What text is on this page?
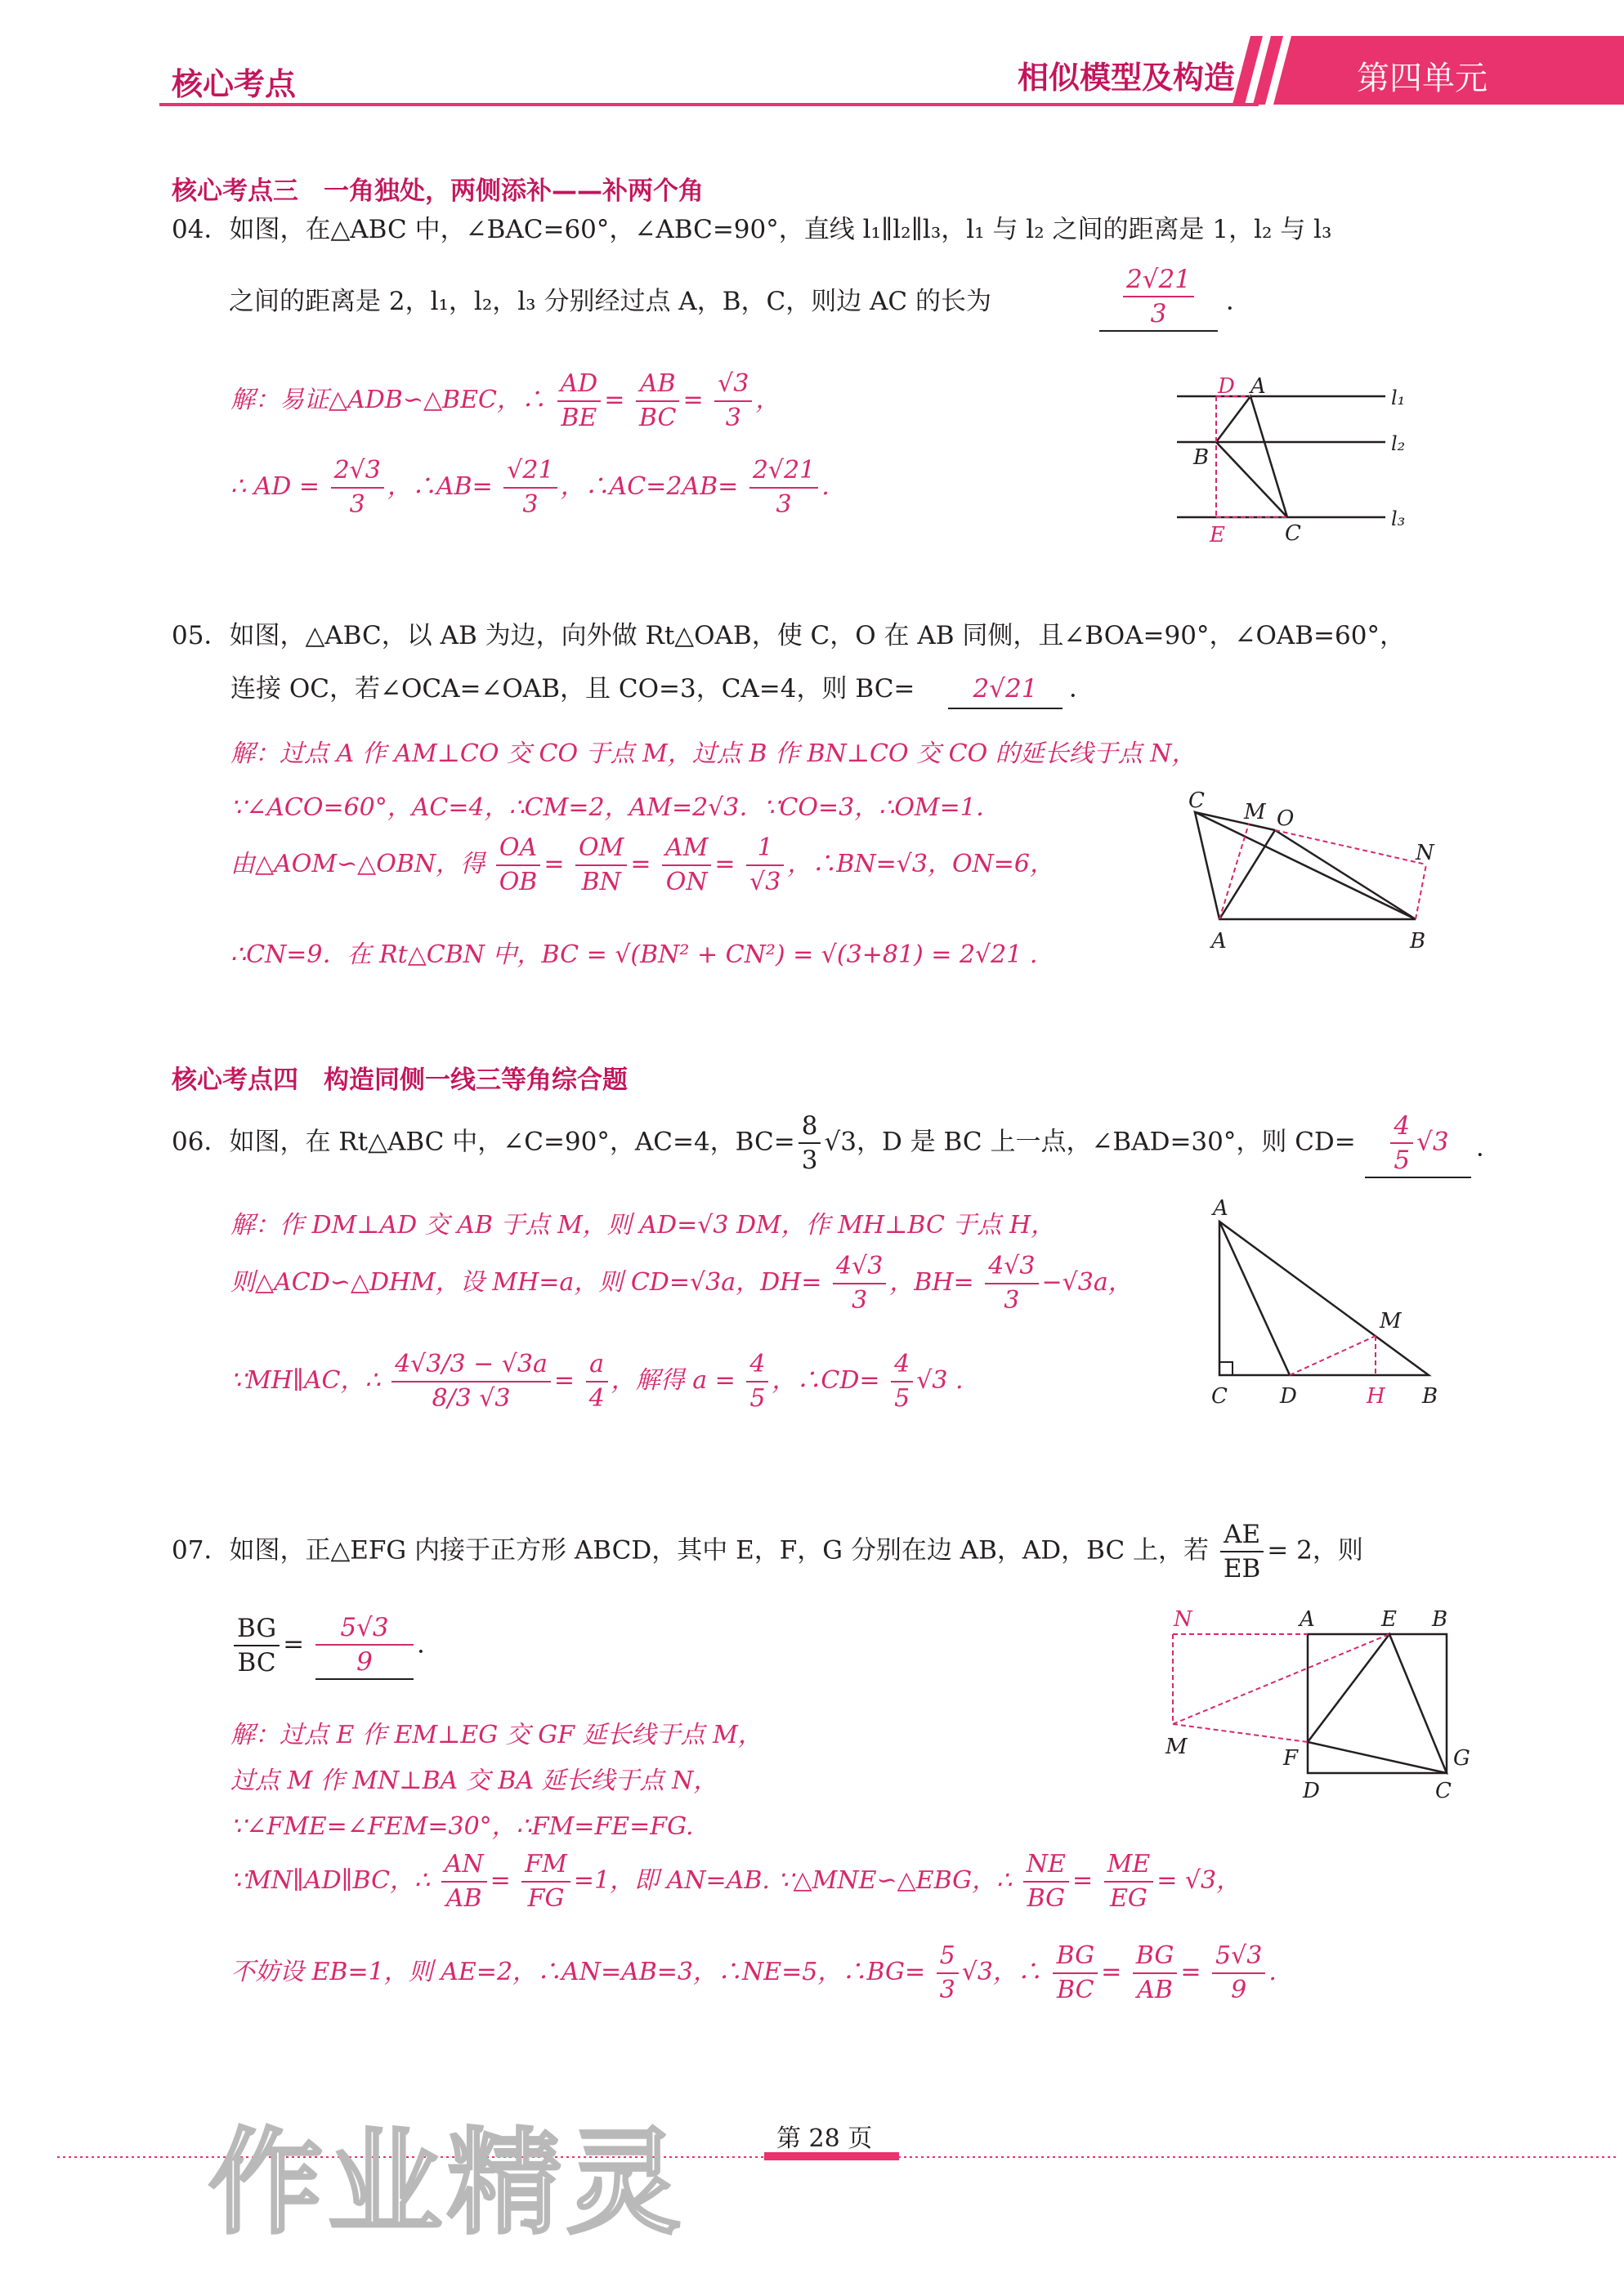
核心考点	相似模型及构造	第四单元
核心考点三　一角独处，两侧添补——补两个角
04．如图，在△ABC 中，∠BAC=60°，∠ABC=90°，直线 l₁∥l₂∥l₃，l₁ 与 l₂ 之间的距离是 1，l₂ 与 l₃
之间的距离是 2，l₁，l₂，l₃ 分别经过点 A，B，C，则边 AC 的长为	$\frac{2√21}{3}$ ．
解：易证△ADB∽△BEC，∴ $\frac{AD}{BE} = \frac{AB}{BC} = \frac{√3}{3}$ ，
∴ AD = $\frac{2√3}{3}$ ，∴AB= $\frac{√21}{3}$ ，∴AC=2AB= $\frac{2√21}{3}$ .
D A
B
E	C
l₁
l₂
l₃
05．如图，△ABC，以 AB 为边，向外做 Rt△OAB，使 C，O 在 AB 同侧，且∠BOA=90°，∠OAB=60°，
连接 OC，若∠OCA=∠OAB，且 CO=3，CA=4，则 BC=	2√21	．
解：过点 A 作 AM⊥CO 交 CO 于点 M，过点 B 作 BN⊥CO 交 CO 的延长线于点 N，
∵∠ACO=60°，AC=4，∴CM=2，AM=2√3．∵CO=3，∴OM=1．
由△AOM∽△OBN，得 $\frac{OA}{OB} = \frac{OM}{BN} = \frac{AM}{ON} = \frac{1}{√3}$ ，∴BN=√3，ON=6，
∴CN=9．在 Rt△CBN 中，BC = √(BN² + CN²) = √(3+81) = 2√21 .
C M O
N
A	B
核心考点四　构造同侧一线三等角综合题
06．如图，在 Rt△ABC 中，∠C=90°，AC=4，$BC= \frac{8}{3} √3$，D 是 BC 上一点，∠BAD=30°，则 $CD= \frac{4}{5} √3$	．
解：作 DM⊥AD 交 AB 于点 M，则 AD=√3 DM，作 MH⊥BC 于点 H，
则△ACD∽△DHM，设 MH=a，则 CD=√3a，$DH= \frac{4√3}{3}$ ，$BH= \frac{4√3}{3} -√3a$，
∵MH∥AC，∴ $\frac{4√3/3 - √3a}{8/3 √3} = \frac{a}{4}$ ，解得 $a = \frac{4}{5}$ ，∴CD= $\frac{4}{5} √3$ .
A
M
C D	H B
07．如图，正△EFG 内接于正方形 ABCD，其中 E，F，G 分别在边 AB，AD，BC 上，若 $\frac{AE}{EB} = 2$，则
$\frac{BG}{BC} = \frac{5√3}{9}$ .
解：过点 E 作 EM⊥EG 交 GF 延长线于点 M，
过点 M 作 MN⊥BA 交 BA 延长线于点 N，
∵∠FME=∠FEM=30°，∴FM=FE=FG.
∵MN∥AD∥BC，∴ $\frac{AN}{AB} = \frac{FM}{FG} =1$，即 AN=AB. ∵△MNE∽△EBG，∴ $\frac{NE}{BG} = \frac{ME}{EG} = √3$，
不妨设 EB=1，则 AE=2，∴AN=AB=3，∴NE=5，∴BG= $\frac{5}{3} √3$，∴ $\frac{BG}{BC} = \frac{BG}{AB} = \frac{5√3}{9}$ .
N	A	E B
M	F	G
D	C
第 28 页
作业精灵
